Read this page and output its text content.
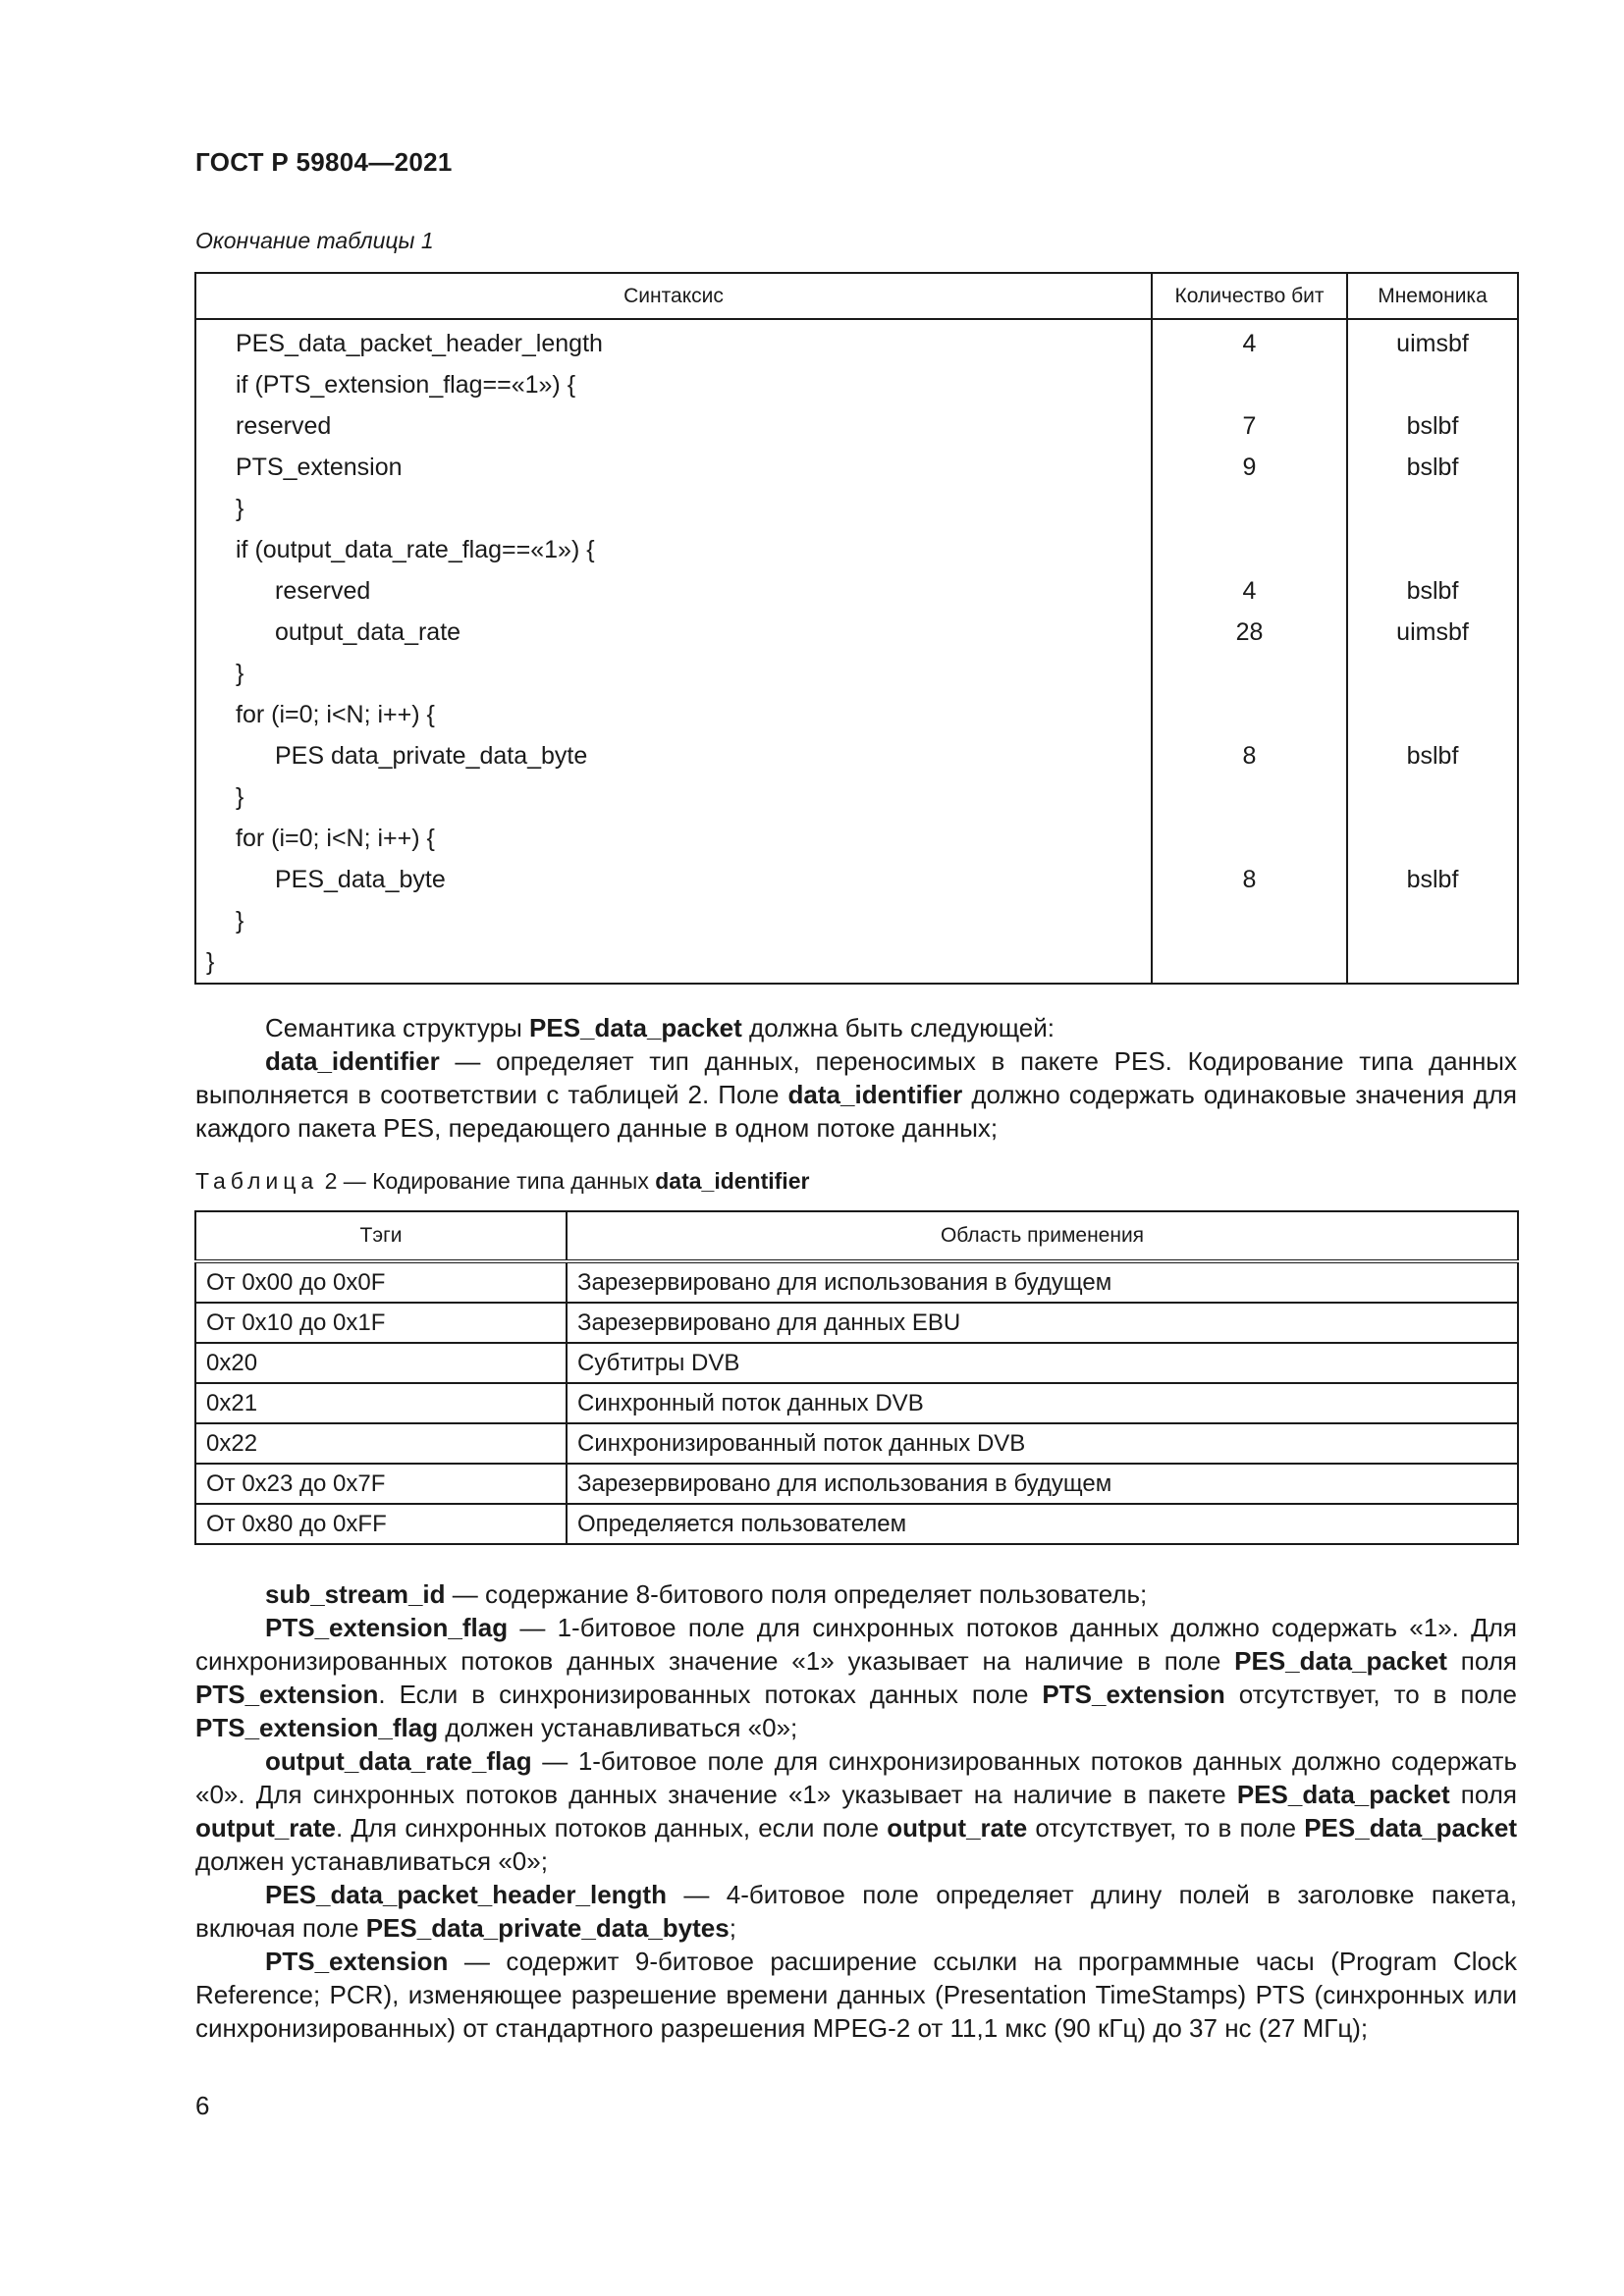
ГОСТ Р 59804—2021
Окончание таблицы 1
Синтаксис	Количество бит	Мнемоника
PES_data_packet_header_length	4	uimsbf
if (PTS_extension_flag==«1») {		
reserved	7	bslbf
PTS_extension	9	bslbf
}		
if (output_data_rate_flag==«1») {		
reserved	4	bslbf
output_data_rate	28	uimsbf
}		
for (i=0; i<N; i++) {		
PES data_private_data_byte	8	bslbf
}		
for (i=0; i<N; i++) {		
PES_data_byte	8	bslbf
}		
}		

Семантика структуры PES_data_packet должна быть следующей:

data_identifier — определяет тип данных, переносимых в пакете PES. Кодирование типа данных выполняется в соответствии с таблицей 2. Поле data_identifier должно содержать одинаковые значения для каждого пакета PES, передающего данные в одном потоке данных;

Таблица 2 — Кодирование типа данных data_identifier
Тэги	Область применения
От 0x00 до 0x0F	Зарезервировано для использования в будущем
От 0x10 до 0x1F	Зарезервировано для данных EBU
0x20	Субтитры DVB
0x21	Синхронный поток данных DVB
0x22	Синхронизированный поток данных DVB
От 0x23 до 0x7F	Зарезервировано для использования в будущем
От 0x80 до 0xFF	Определяется пользователем

sub_stream_id — содержание 8-битового поля определяет пользователь;

PTS_extension_flag — 1-битовое поле для синхронных потоков данных должно содержать «1». Для синхронизированных потоков данных значение «1» указывает на наличие в поле PES_data_packet поля PTS_extension. Если в синхронизированных потоках данных поле PTS_extension отсутствует, то в поле PTS_extension_flag должен устанавливаться «0»;

output_data_rate_flag — 1-битовое поле для синхронизированных потоков данных должно содержать «0». Для синхронных потоков данных значение «1» указывает на наличие в пакете PES_data_packet поля output_rate. Для синхронных потоков данных, если поле output_rate отсутствует, то в поле PES_data_packet должен устанавливаться «0»;

PES_data_packet_header_length — 4-битовое поле определяет длину полей в заголовке пакета, включая поле PES_data_private_data_bytes;

PTS_extension — содержит 9-битовое расширение ссылки на программные часы (Program Clock Reference; PCR), изменяющее разрешение времени данных (Presentation TimeStamps) PTS (синхронных или синхронизированных) от стандартного разрешения MPEG-2 от 11,1 мкс (90 кГц) до 37 нс (27 МГц);

6
